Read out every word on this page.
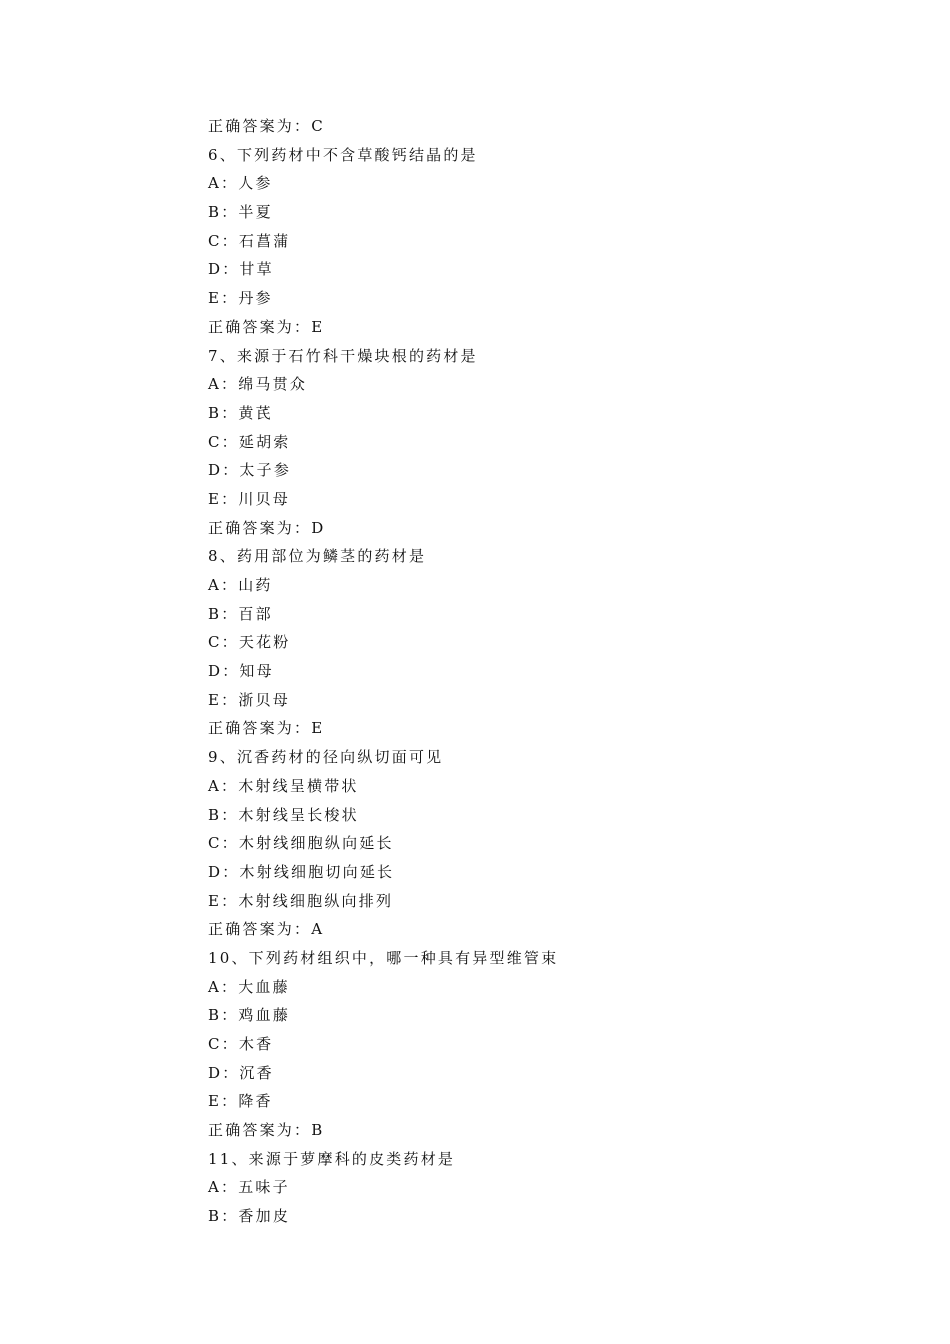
正确答案为：C
6、下列药材中不含草酸钙结晶的是
A：人参
B：半夏
C：石菖蒲
D：甘草
E：丹参
正确答案为：E
7、来源于石竹科干燥块根的药材是
A：绵马贯众
B：黄芪
C：延胡索
D：太子参
E：川贝母
正确答案为：D
8、药用部位为鳞茎的药材是
A：山药
B：百部
C：天花粉
D：知母
E：浙贝母
正确答案为：E
9、沉香药材的径向纵切面可见
A：木射线呈横带状
B：木射线呈长梭状
C：木射线细胞纵向延长
D：木射线细胞切向延长
E：木射线细胞纵向排列
正确答案为：A
10、下列药材组织中，哪一种具有异型维管束
A：大血藤
B：鸡血藤
C：木香
D：沉香
E：降香
正确答案为：B
11、来源于萝摩科的皮类药材是
A：五味子
B：香加皮
